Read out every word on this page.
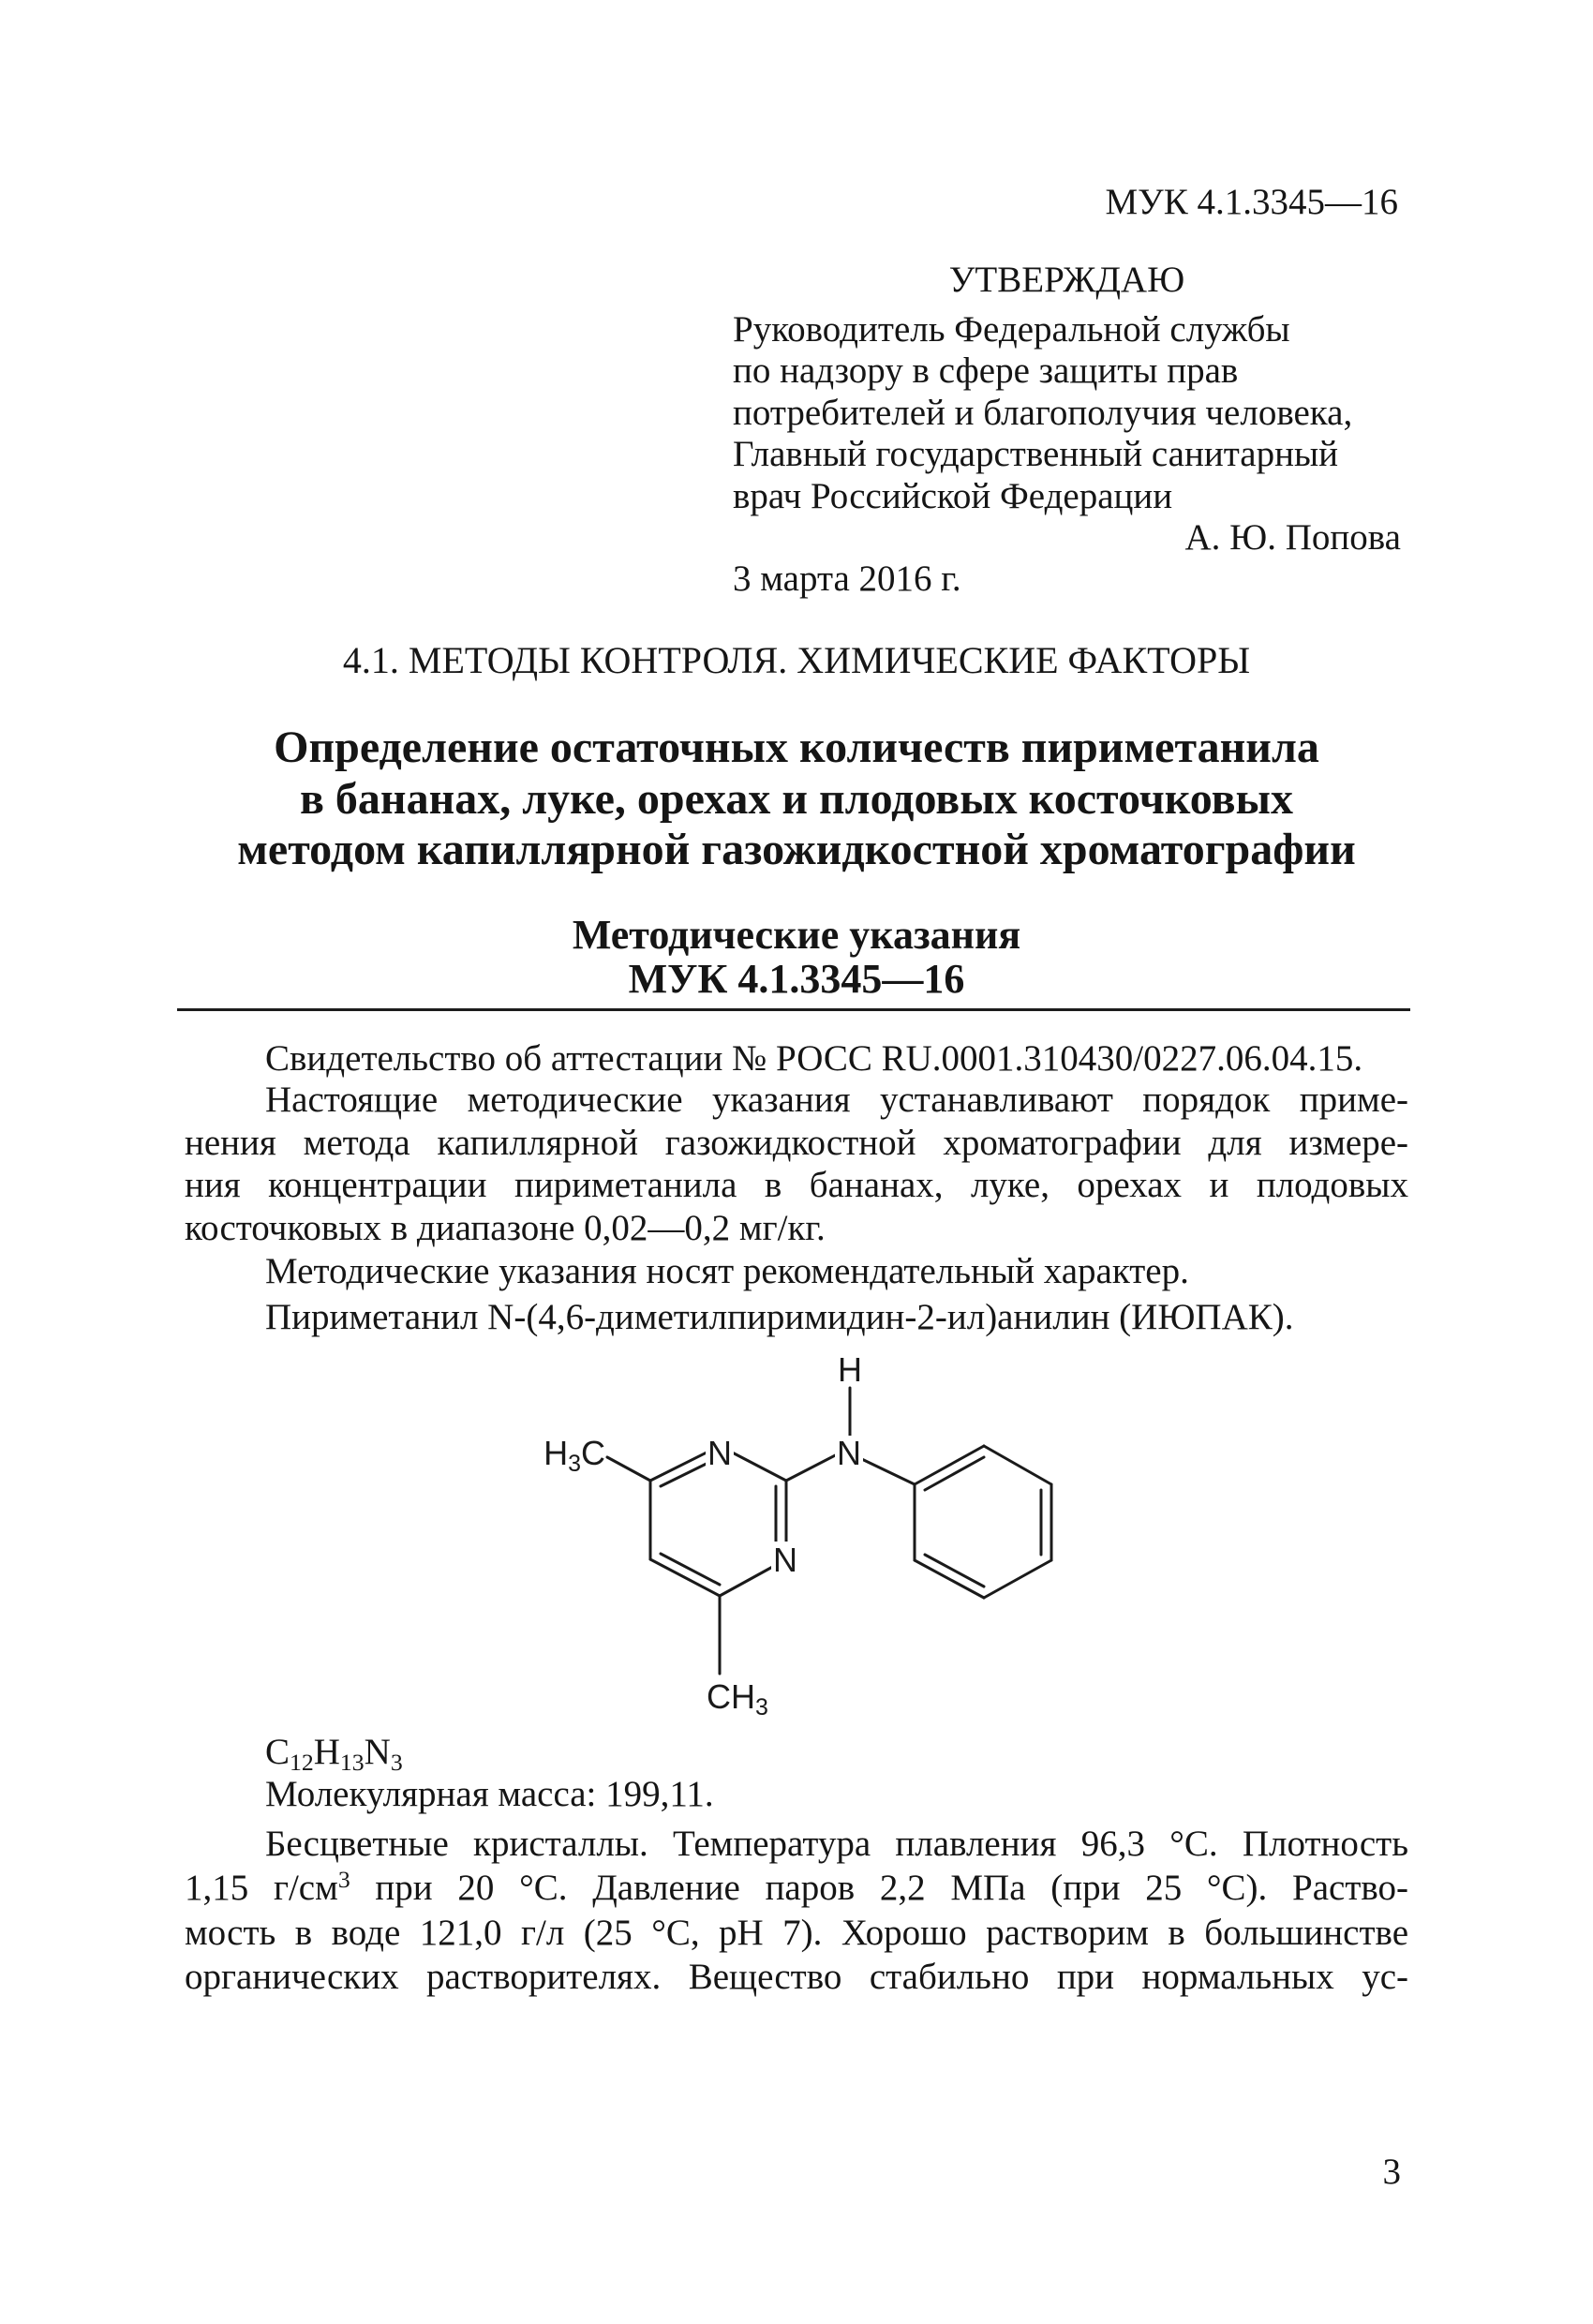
МУК 4.1.3345—16
УТВЕРЖДАЮ
Руководитель Федеральной службы
по надзору в сфере защиты прав
потребителей и благополучия человека,
Главный государственный санитарный
врач Российской Федерации
А. Ю. Попова
3 марта 2016 г.
4.1. МЕТОДЫ КОНТРОЛЯ. ХИМИЧЕСКИЕ ФАКТОРЫ
Определение остаточных количеств пириметанила
в бананах, луке, орехах и плодовых косточковых
методом капиллярной газожидкостной хроматографии
Методические указания
МУК 4.1.3345—16
Свидетельство об аттестации № РОСС RU.0001.310430/0227.06.04.15.
Настоящие методические указания устанавливают порядок приме-
нения метода капиллярной газожидкостной хроматографии для измере-
ния концентрации пириметанила в бананах, луке, орехах и плодовых
косточковых в диапазоне 0,02—0,2 мг/кг.
Методические указания носят рекомендательный характер.
Пириметанил N-(4,6-диметилпиримидин-2-ил)анилин (ИЮПАК).
H
N
N
N
H3C
CH3
$C_{12}H_{13}N_3$
Молекулярная масса: 199,11.
Бесцветные кристаллы. Температура плавления 96,3 °С. Плотность
1,15 $г/см^3$ при 20 °С. Давление паров 2,2 МПа (при 25 °С). Раство-
мость в воде 121,0 г/л (25 °С, рН 7). Хорошо растворим в большинстве
органических растворителях. Вещество стабильно при нормальных ус-
3
